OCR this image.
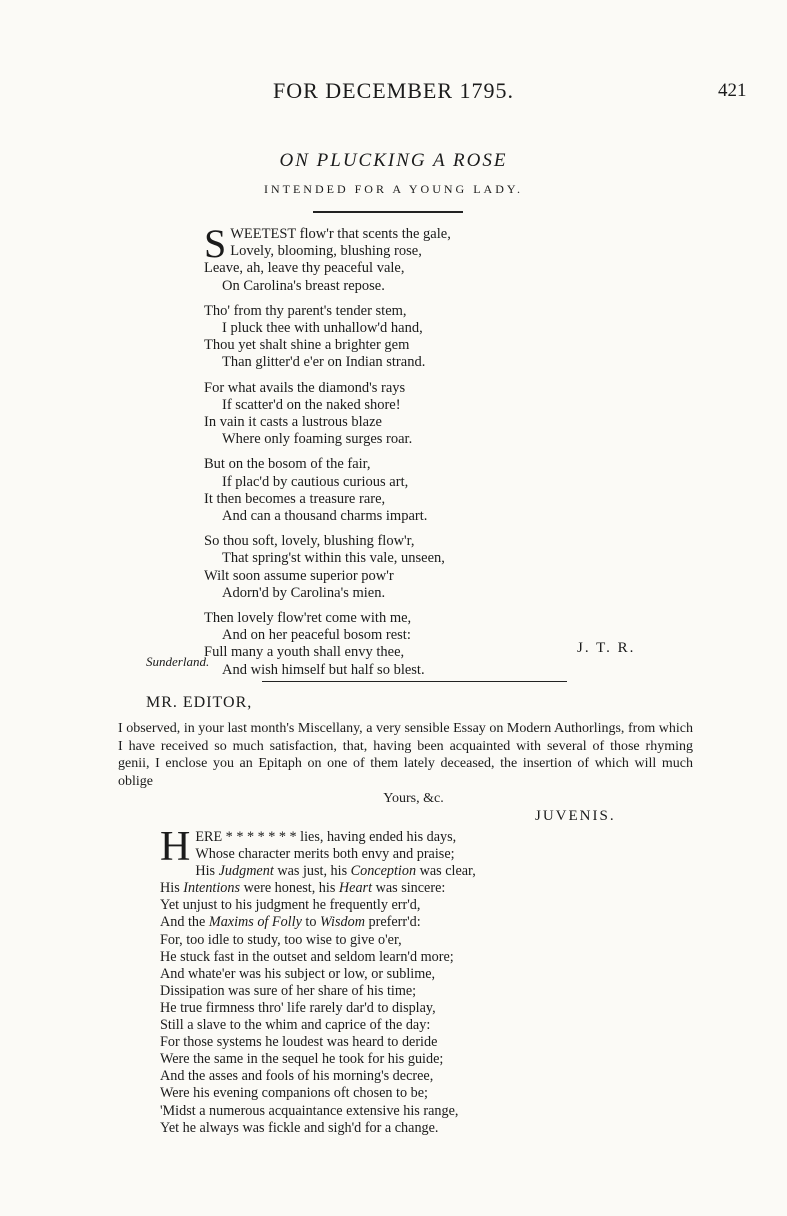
FOR DECEMBER 1795.	421
ON PLUCKING A ROSE
INTENDED FOR A YOUNG LADY.
SWEETEST flow'r that scents the gale,
Lovely, blooming, blushing rose,
Leave, ah, leave thy peaceful vale,
On Carolina's breast repose.
Tho' from thy parent's tender stem,
I pluck thee with unhallow'd hand,
Thou yet shalt shine a brighter gem
Than glitter'd e'er on Indian strand.
For what avails the diamond's rays
If scatter'd on the naked shore!
In vain it casts a lustrous blaze
Where only foaming surges roar.
But on the bosom of the fair,
If plac'd by cautious curious art,
It then becomes a treasure rare,
And can a thousand charms impart.
So thou soft, lovely, blushing flow'r,
That spring'st within this vale, unseen,
Wilt soon assume superior pow'r
Adorn'd by Carolina's mien.
Then lovely flow'ret come with me,
And on her peaceful bosom rest:
Full many a youth shall envy thee,
And wish himself but half so blest.
J. T. R.
Sunderland.
MR. EDITOR,

I observed, in your last month's Miscellany, a very sensible Essay on Modern Authorlings, from which I have received so much satisfaction, that, having been acquainted with several of those rhyming genii, I enclose you an Epitaph on one of them lately deceased, the insertion of which will much oblige

Yours, &c.
JUVENIS.
HERE * * * * * * * lies, having ended his days,
Whose character merits both envy and praise;
His Judgment was just, his Conception was clear,
His Intentions were honest, his Heart was sincere:
Yet unjust to his judgment he frequently err'd,
And the Maxims of Folly to Wisdom preferr'd:
For, too idle to study, too wise to give o'er,
He stuck fast in the outset and seldom learn'd more;
And whate'er was his subject or low, or sublime,
Dissipation was sure of her share of his time;
He true firmness thro' life rarely dar'd to display,
Still a slave to the whim and caprice of the day:
For those systems he loudest was heard to deride
Were the same in the sequel he took for his guide;
And the asses and fools of his morning's decree,
Were his evening companions oft chosen to be;
'Midst a numerous acquaintance extensive his range,
Yet he always was fickle and sigh'd for a change.
